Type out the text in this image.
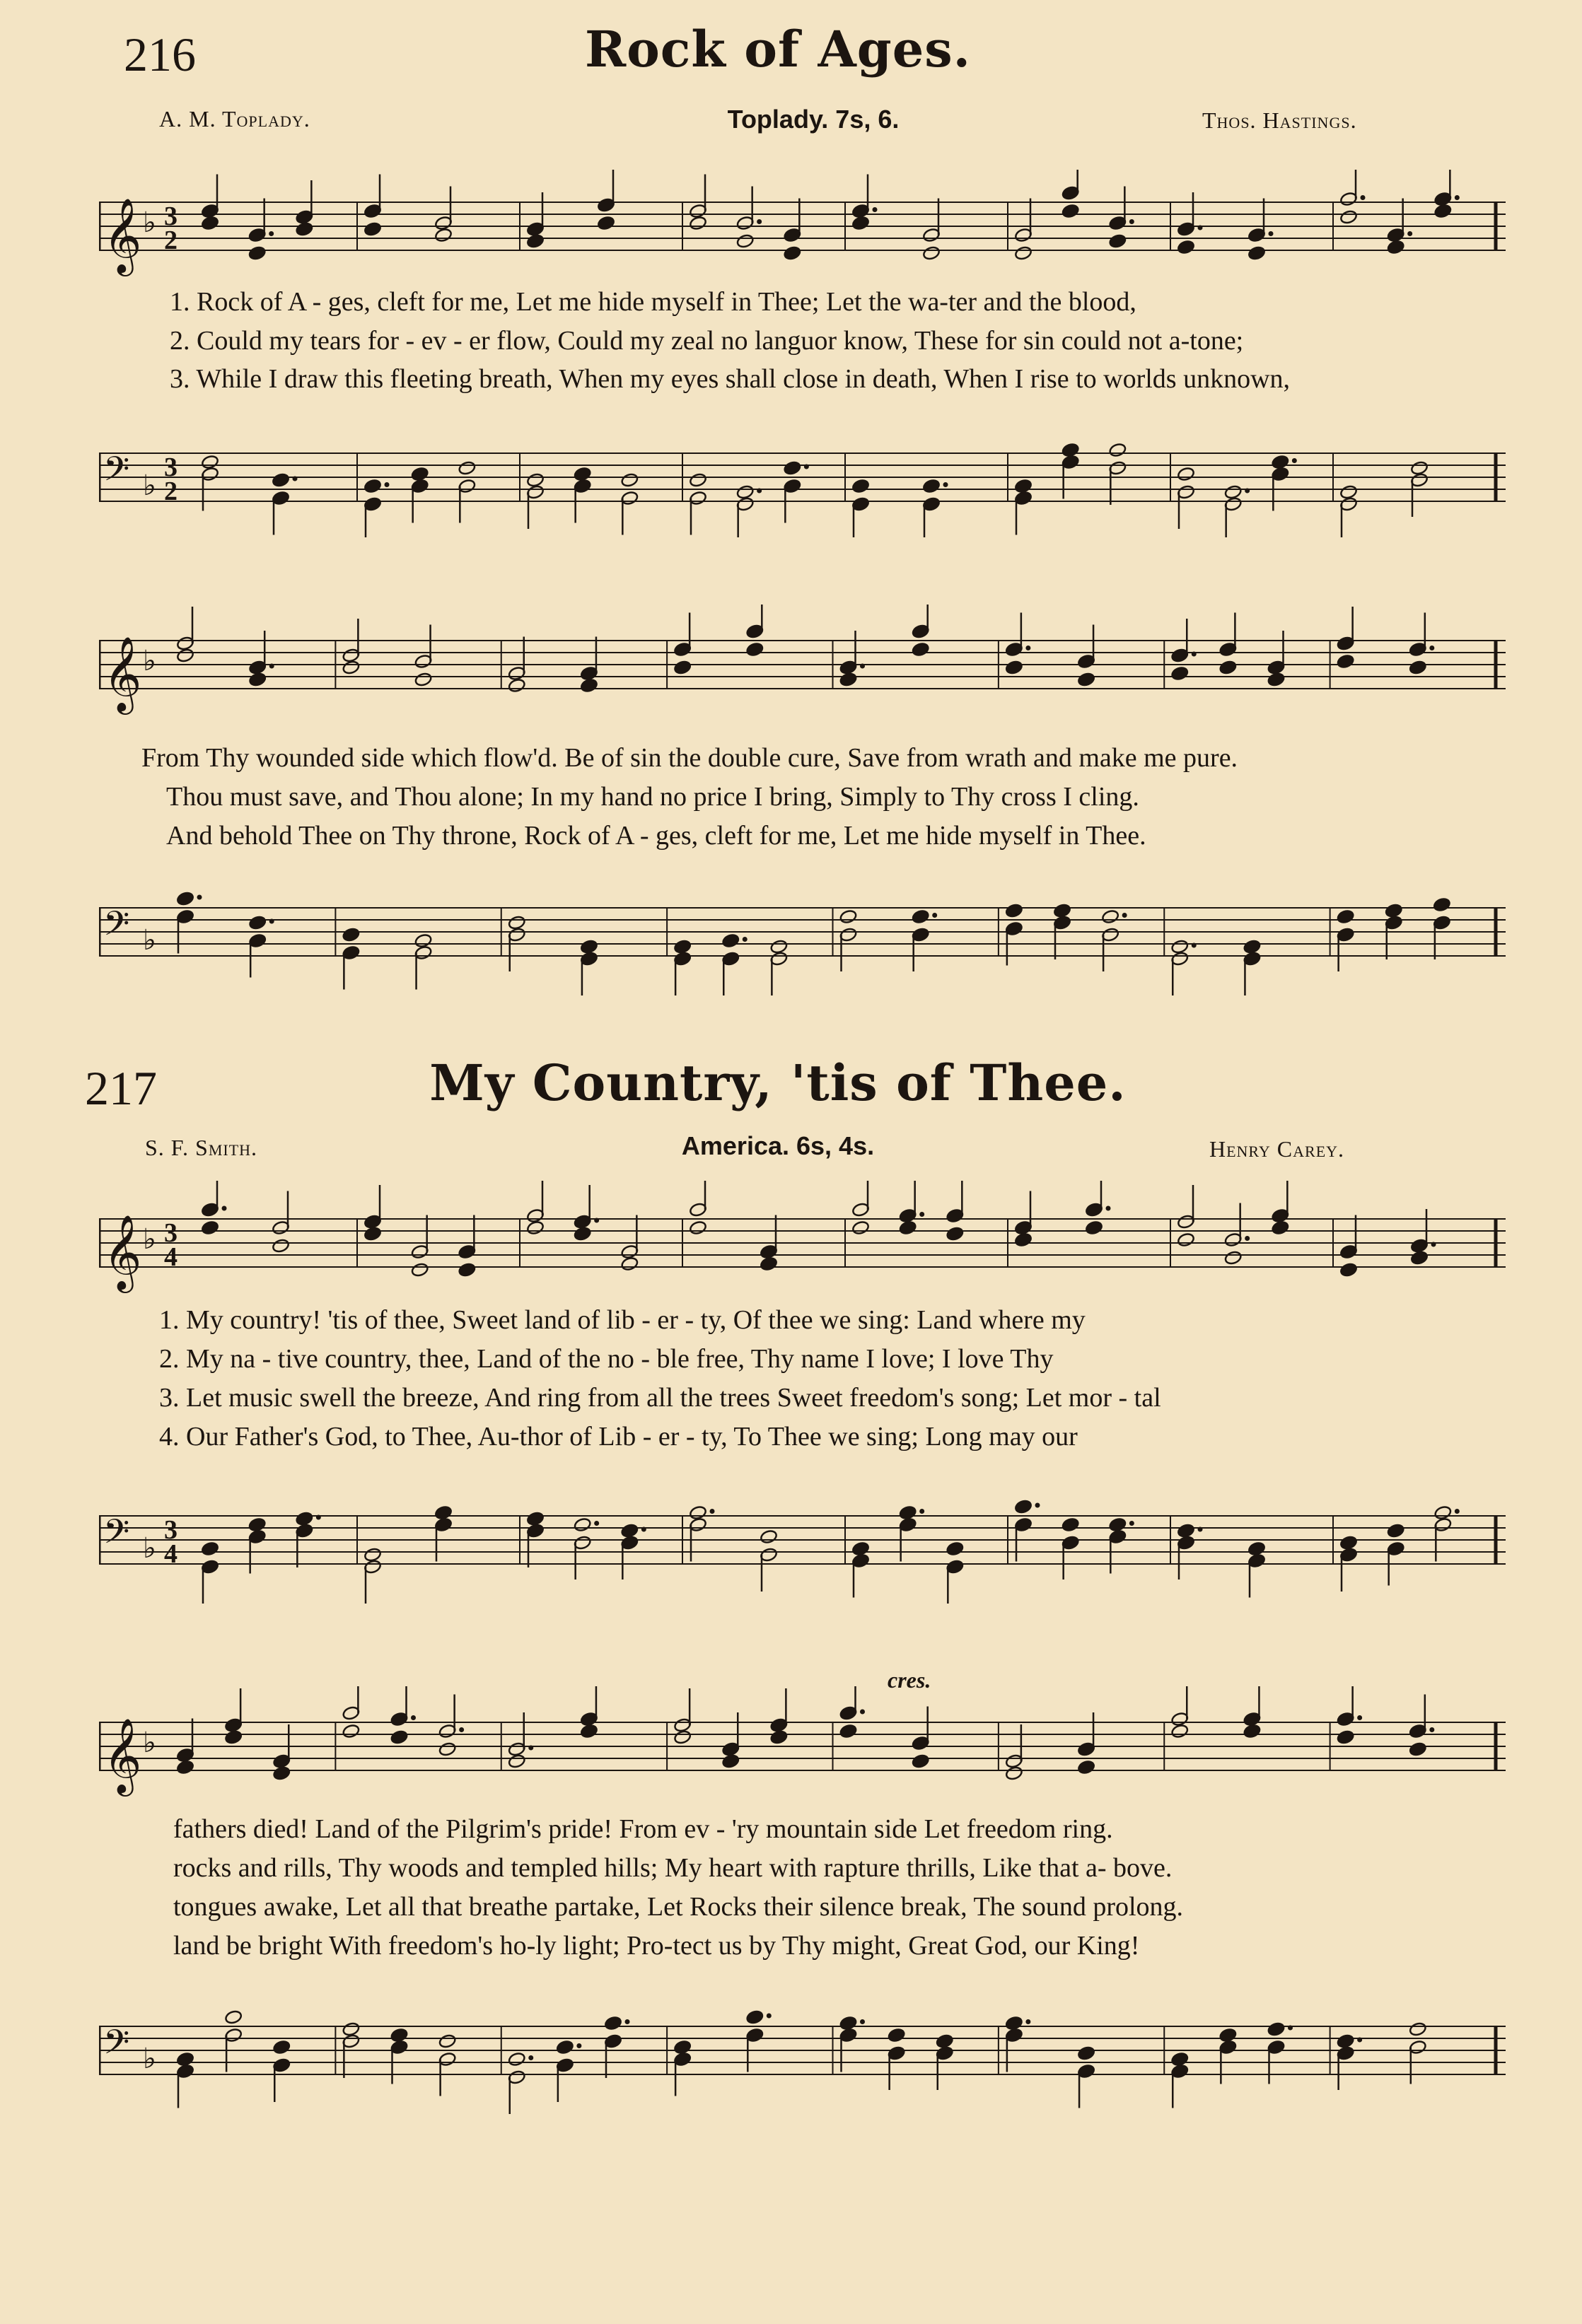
216	Rock of Ages.
A. M. Toplady.	Toplady. 7s, 6.	Thos. Hastings.
𝄞 ♭ 3
2
1. Rock of A - ges, cleft for me, Let me hide myself in Thee; Let the wa-ter and the blood,
2. Could my tears for - ev - er flow, Could my zeal no languor know, These for sin could not a-tone;
3. While I draw this fleeting breath, When my eyes shall close in death, When I rise to worlds unknown,
𝄢 ♭
3
2
𝄞 ♭
From Thy wounded side which flow'd. Be of sin the double cure, Save from wrath and make me pure.
Thou must save, and Thou alone; In my hand no price I bring, Simply to Thy cross I cling.
And behold Thee on Thy throne, Rock of A - ges, cleft for me, Let me hide myself in Thee.
𝄢 ♭
217	My Country, 'tis of Thee.
S. F. Smith.	America. 6s, 4s.	Henry Carey.
𝄞 ♭ 3
4
1. My country! 'tis of thee, Sweet land of lib - er - ty, Of thee we sing: Land where my
2. My na - tive country, thee, Land of the no - ble free, Thy name I love; I love Thy
3. Let music swell the breeze, And ring from all the trees Sweet freedom's song; Let mor - tal
4. Our Father's God, to Thee, Au-thor of Lib - er - ty, To Thee we sing; Long may our
𝄢 ♭
3
4
cres.
𝄞 ♭
fathers died! Land of the Pilgrim's pride! From ev - 'ry mountain side Let freedom ring.
rocks and rills, Thy woods and templed hills; My heart with rapture thrills, Like that a- bove.
tongues awake, Let all that breathe partake, Let Rocks their silence break, The sound prolong.
land be bright With freedom's ho-ly light; Pro-tect us by Thy might, Great God, our King!
𝄢 ♭
